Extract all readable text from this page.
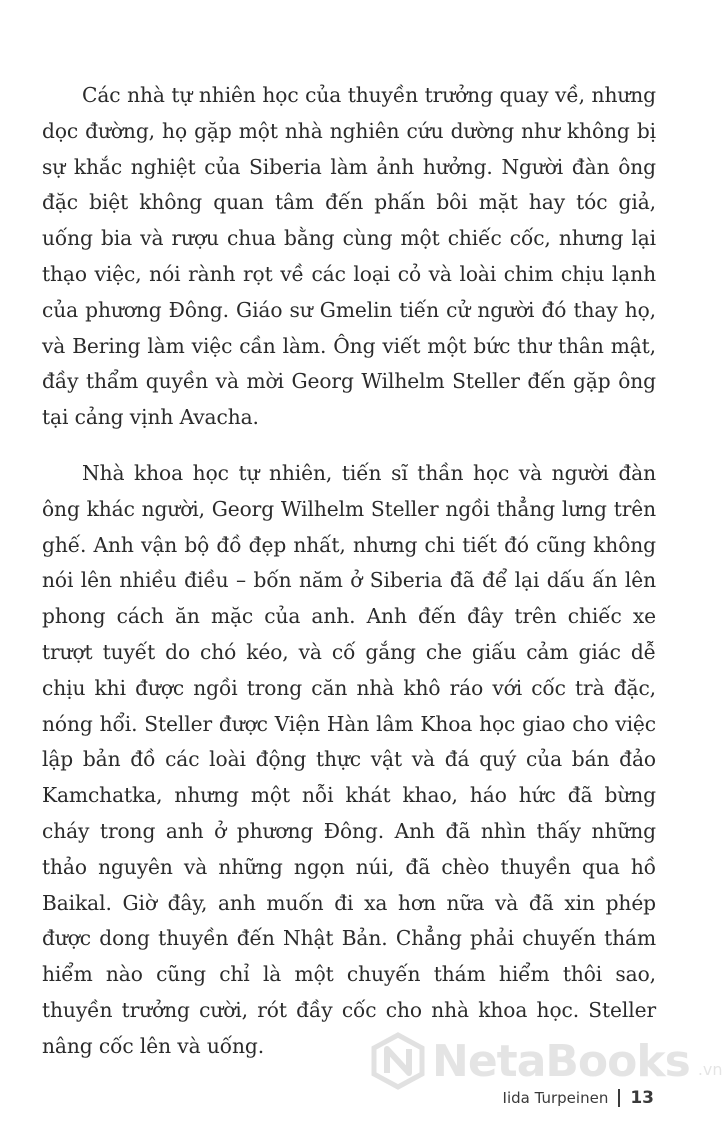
Các nhà tự nhiên học của thuyền trưởng quay về, nhưng dọc đường, họ gặp một nhà nghiên cứu dường như không bị sự khắc nghiệt của Siberia làm ảnh hưởng. Người đàn ông đặc biệt không quan tâm đến phấn bôi mặt hay tóc giả, uống bia và rượu chua bằng cùng một chiếc cốc, nhưng lại thạo việc, nói rành rọt về các loại cỏ và loài chim chịu lạnh của phương Đông. Giáo sư Gmelin tiến cử người đó thay họ, và Bering làm việc cần làm. Ông viết một bức thư thân mật, đầy thẩm quyền và mời Georg Wilhelm Steller đến gặp ông tại cảng vịnh Avacha.

Nhà khoa học tự nhiên, tiến sĩ thần học và người đàn ông khác người, Georg Wilhelm Steller ngồi thẳng lưng trên ghế. Anh vận bộ đồ đẹp nhất, nhưng chi tiết đó cũng không nói lên nhiều điều – bốn năm ở Siberia đã để lại dấu ấn lên phong cách ăn mặc của anh. Anh đến đây trên chiếc xe trượt tuyết do chó kéo, và cố gắng che giấu cảm giác dễ chịu khi được ngồi trong căn nhà khô ráo với cốc trà đặc, nóng hổi. Steller được Viện Hàn lâm Khoa học giao cho việc lập bản đồ các loài động thực vật và đá quý của bán đảo Kamchatka, nhưng một nỗi khát khao, háo hức đã bừng cháy trong anh ở phương Đông. Anh đã nhìn thấy những thảo nguyên và những ngọn núi, đã chèo thuyền qua hồ Baikal. Giờ đây, anh muốn đi xa hơn nữa và đã xin phép được dong thuyền đến Nhật Bản. Chẳng phải chuyến thám hiểm nào cũng chỉ là một chuyến thám hiểm thôi sao, thuyền trưởng cười, rót đầy cốc cho nhà khoa học. Steller nâng cốc lên và uống.	NetaBooks .vn
Iida Turpeinen 13
